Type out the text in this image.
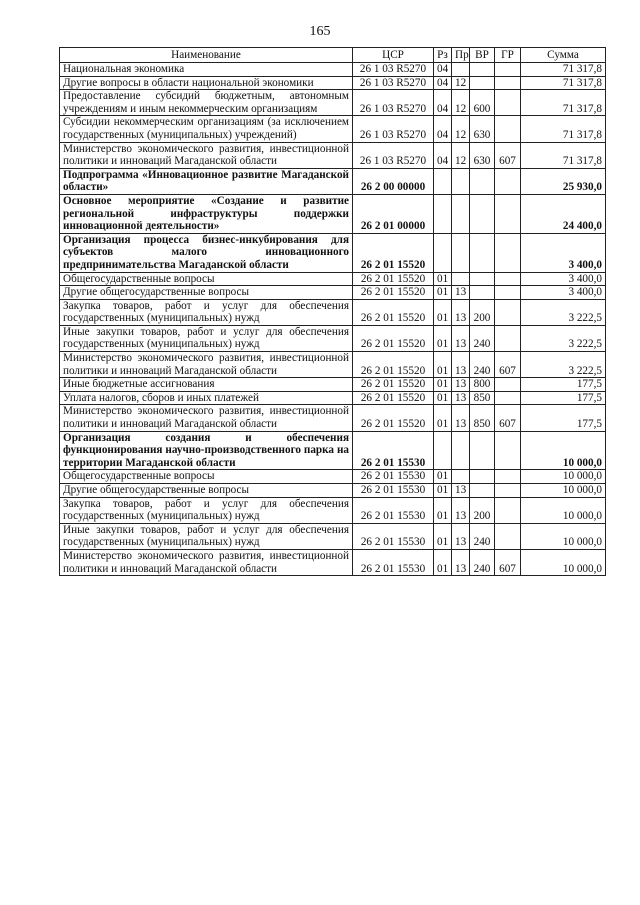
165
Наименование	ЦСР	Рз	Пр	ВР	ГР	Сумма
Национальная экономика	26 1 03 R5270	04				71 317,8
Другие вопросы в области национальной экономики	26 1 03 R5270	04	12			71 317,8
Предоставление субсидий бюджетным, автономным учреждениям и иным некоммерческим организациям	26 1 03 R5270	04	12	600		71 317,8
Субсидии некоммерческим организациям (за исключением государственных (муниципальных) учреждений)	26 1 03 R5270	04	12	630		71 317,8
Министерство экономического развития, инвестиционной политики и инноваций Магаданской области	26 1 03 R5270	04	12	630	607	71 317,8
Подпрограмма «Инновационное развитие Магаданской области»	26 2 00 00000					25 930,0
Основное мероприятие «Создание и развитие региональной инфраструктуры поддержки инновационной деятельности»	26 2 01 00000					24 400,0
Организация процесса бизнес-инкубирования для субъектов малого инновационного предпринимательства Магаданской области	26 2 01 15520					3 400,0
Общегосударственные вопросы	26 2 01 15520	01				3 400,0
Другие общегосударственные вопросы	26 2 01 15520	01	13			3 400,0
Закупка товаров, работ и услуг для обеспечения государственных (муниципальных) нужд	26 2 01 15520	01	13	200		3 222,5
Иные закупки товаров, работ и услуг для обеспечения государственных (муниципальных) нужд	26 2 01 15520	01	13	240		3 222,5
Министерство экономического развития, инвестиционной политики и инноваций Магаданской области	26 2 01 15520	01	13	240	607	3 222,5
Иные бюджетные ассигнования	26 2 01 15520	01	13	800		177,5
Уплата налогов, сборов и иных платежей	26 2 01 15520	01	13	850		177,5
Министерство экономического развития, инвестиционной политики и инноваций Магаданской области	26 2 01 15520	01	13	850	607	177,5
Организация создания и обеспечения функционирования научно-производственного парка на территории Магаданской области	26 2 01 15530					10 000,0
Общегосударственные вопросы	26 2 01 15530	01				10 000,0
Другие общегосударственные вопросы	26 2 01 15530	01	13			10 000,0
Закупка товаров, работ и услуг для обеспечения государственных (муниципальных) нужд	26 2 01 15530	01	13	200		10 000,0
Иные закупки товаров, работ и услуг для обеспечения государственных (муниципальных) нужд	26 2 01 15530	01	13	240		10 000,0
Министерство экономического развития, инвестиционной политики и инноваций Магаданской области	26 2 01 15530	01	13	240	607	10 000,0
